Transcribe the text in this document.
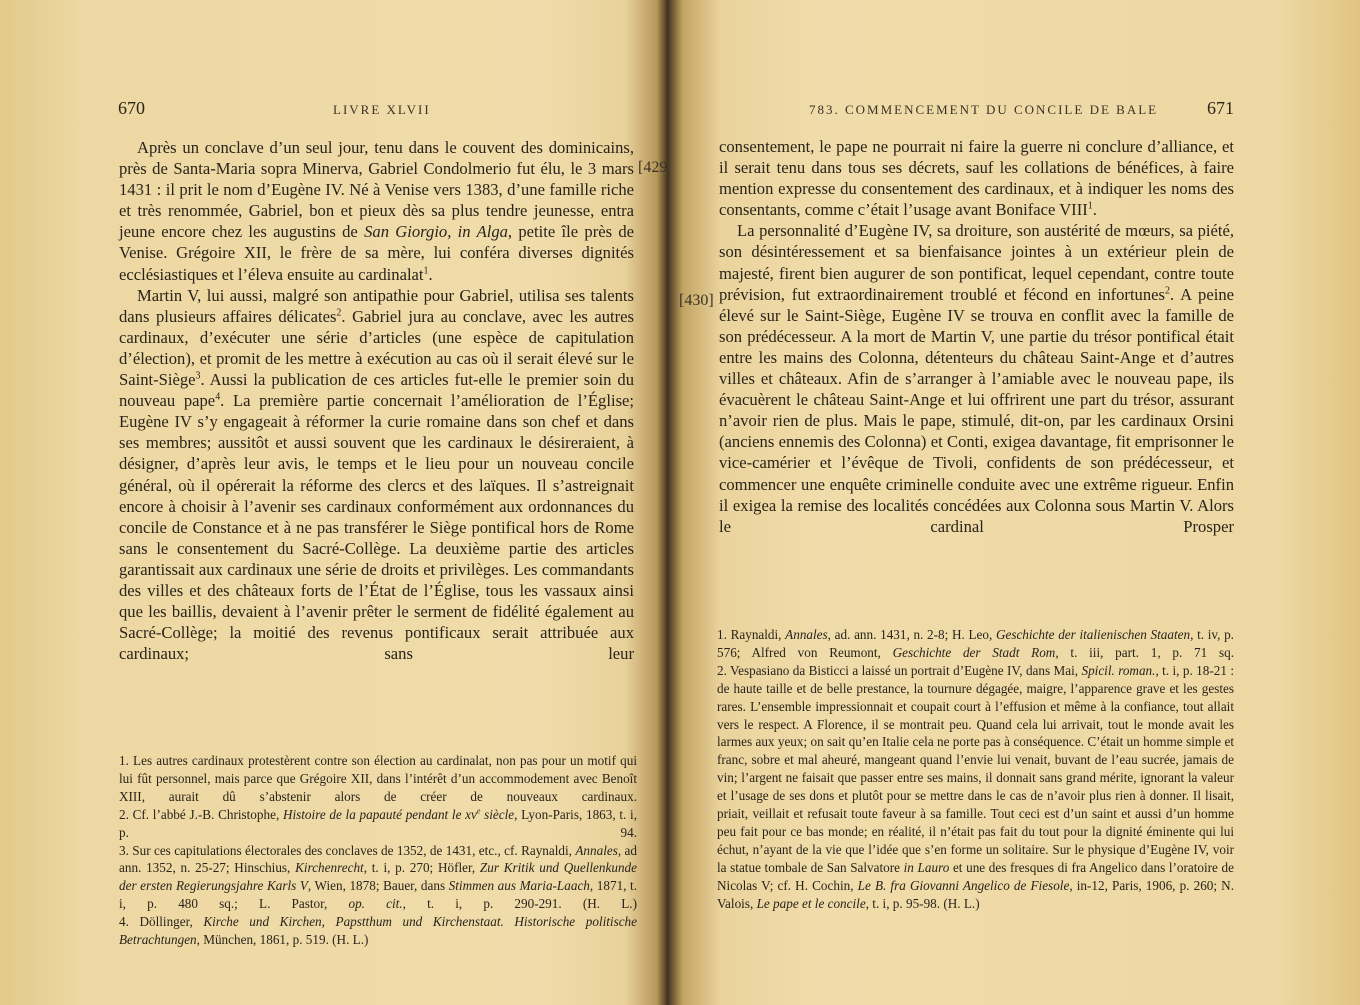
670	LIVRE XLVII
[429

Après un conclave d’un seul jour, tenu dans le couvent des dominicains, près de Santa-Maria sopra Minerva, Gabriel Condolmerio fut élu, le 3 mars 1431 : il prit le nom d’Eugène IV. Né à Venise vers 1383, d’une famille riche et très renommée, Gabriel, bon et pieux dès sa plus tendre jeunesse, entra jeune encore chez les augustins de San Giorgio, in Alga, petite île près de Venise. Grégoire XII, le frère de sa mère, lui conféra diverses dignités ecclésiastiques et l’éleva ensuite au cardinalat$^1$.

Martin V, lui aussi, malgré son antipathie pour Gabriel, utilisa ses talents dans plusieurs affaires délicates$^2$. Gabriel jura au conclave, avec les autres cardinaux, d’exécuter une série d’articles (une espèce de capitulation d’élection), et promit de les mettre à exécution au cas où il serait élevé sur le Saint-Siège$^3$. Aussi la publication de ces articles fut-elle le premier soin du nouveau pape$^4$. La première partie concernait l’amélioration de l’Église; Eugène IV s’y engageait à réformer la curie romaine dans son chef et dans ses membres; aussitôt et aussi souvent que les cardinaux le désireraient, à désigner, d’après leur avis, le temps et le lieu pour un nouveau concile général, où il opérerait la réforme des clercs et des laïques. Il s’astreignait encore à choisir à l’avenir ses cardinaux conformément aux ordonnances du concile de Constance et à ne pas transférer le Siège pontifical hors de Rome sans le consentement du Sacré-Collège. La deuxième partie des articles garantissait aux cardinaux une série de droits et privilèges. Les commandants des villes et des châteaux forts de l’État de l’Église, tous les vassaux ainsi que les baillis, devaient à l’avenir prêter le serment de fidélité également au Sacré-Collège; la moitié des revenus pontificaux serait attribuée aux cardinaux; sans leur

1. Les autres cardinaux protestèrent contre son élection au cardinalat, non pas pour un motif qui lui fût personnel, mais parce que Grégoire XII, dans l’intérêt d’un accommodement avec Benoît XIII, aurait dû s’abstenir alors de créer de nouveaux cardinaux.

2. Cf. l’abbé J.-B. Christophe, Histoire de la papauté pendant le $xv^e$ siècle, Lyon-Paris, 1863, t. i, p. 94.

3. Sur ces capitulations électorales des conclaves de 1352, de 1431, etc., cf. Raynaldi, Annales, ad ann. 1352, n. 25-27; Hinschius, Kirchenrecht, t. i, p. 270; Höfler, Zur Kritik und Quellenkunde der ersten Regierungsjahre Karls V, Wien, 1878; Bauer, dans Stimmen aus Maria-Laach, 1871, t. i, p. 480 sq.; L. Pastor, op. cit., t. i, p. 290-291. (H. L.)

4. Döllinger, Kirche und Kirchen, Papstthum und Kirchenstaat. Historische politische Betrachtungen, München, 1861, p. 519. (H. L.)

783. COMMENCEMENT DU CONCILE DE BALE	671
[430]

consentement, le pape ne pourrait ni faire la guerre ni conclure d’alliance, et il serait tenu dans tous ses décrets, sauf les collations de bénéfices, à faire mention expresse du consentement des cardinaux, et à indiquer les noms des consentants, comme c’était l’usage avant Boniface VIII$^1$.

La personnalité d’Eugène IV, sa droiture, son austérité de mœurs, sa piété, son désintéressement et sa bienfaisance jointes à un extérieur plein de majesté, firent bien augurer de son pontificat, lequel cependant, contre toute prévision, fut extraordinairement troublé et fécond en infortunes$^2$. A peine élevé sur le Saint-Siège, Eugène IV se trouva en conflit avec la famille de son prédécesseur. A la mort de Martin V, une partie du trésor pontifical était entre les mains des Colonna, détenteurs du château Saint-Ange et d’autres villes et châteaux. Afin de s’arranger à l’amiable avec le nouveau pape, ils évacuèrent le château Saint-Ange et lui offrirent une part du trésor, assurant n’avoir rien de plus. Mais le pape, stimulé, dit-on, par les cardinaux Orsini (anciens ennemis des Colonna) et Conti, exigea davantage, fit emprisonner le vice-camérier et l’évêque de Tivoli, confidents de son prédécesseur, et commencer une enquête criminelle conduite avec une extrême rigueur. Enfin il exigea la remise des localités concédées aux Colonna sous Martin V. Alors le cardinal Prosper

1. Raynaldi, Annales, ad. ann. 1431, n. 2-8; H. Leo, Geschichte der italienischen Staaten, t. iv, p. 576; Alfred von Reumont, Geschichte der Stadt Rom, t. iii, part. 1, p. 71 sq.

2. Vespasiano da Bisticci a laissé un portrait d’Eugène IV, dans Mai, Spicil. roman., t. i, p. 18-21 : de haute taille et de belle prestance, la tournure dégagée, maigre, l’apparence grave et les gestes rares. L’ensemble impressionnait et coupait court à l’effusion et même à la confiance, tout allait vers le respect. A Florence, il se montrait peu. Quand cela lui arrivait, tout le monde avait les larmes aux yeux; on sait qu’en Italie cela ne porte pas à conséquence. C’était un homme simple et franc, sobre et mal aheuré, mangeant quand l’envie lui venait, buvant de l’eau sucrée, jamais de vin; l’argent ne faisait que passer entre ses mains, il donnait sans grand mérite, ignorant la valeur et l’usage de ses dons et plutôt pour se mettre dans le cas de n’avoir plus rien à donner. Il lisait, priait, veillait et refusait toute faveur à sa famille. Tout ceci est d’un saint et aussi d’un homme peu fait pour ce bas monde; en réalité, il n’était pas fait du tout pour la dignité éminente qui lui échut, n’ayant de la vie que l’idée que s’en forme un solitaire. Sur le physique d’Eugène IV, voir la statue tombale de San Salvatore in Lauro et une des fresques di fra Angelico dans l’oratoire de Nicolas V; cf. H. Cochin, Le B. fra Giovanni Angelico de Fiesole, in-12, Paris, 1906, p. 260; N. Valois, Le pape et le concile, t. i, p. 95-98. (H. L.)
